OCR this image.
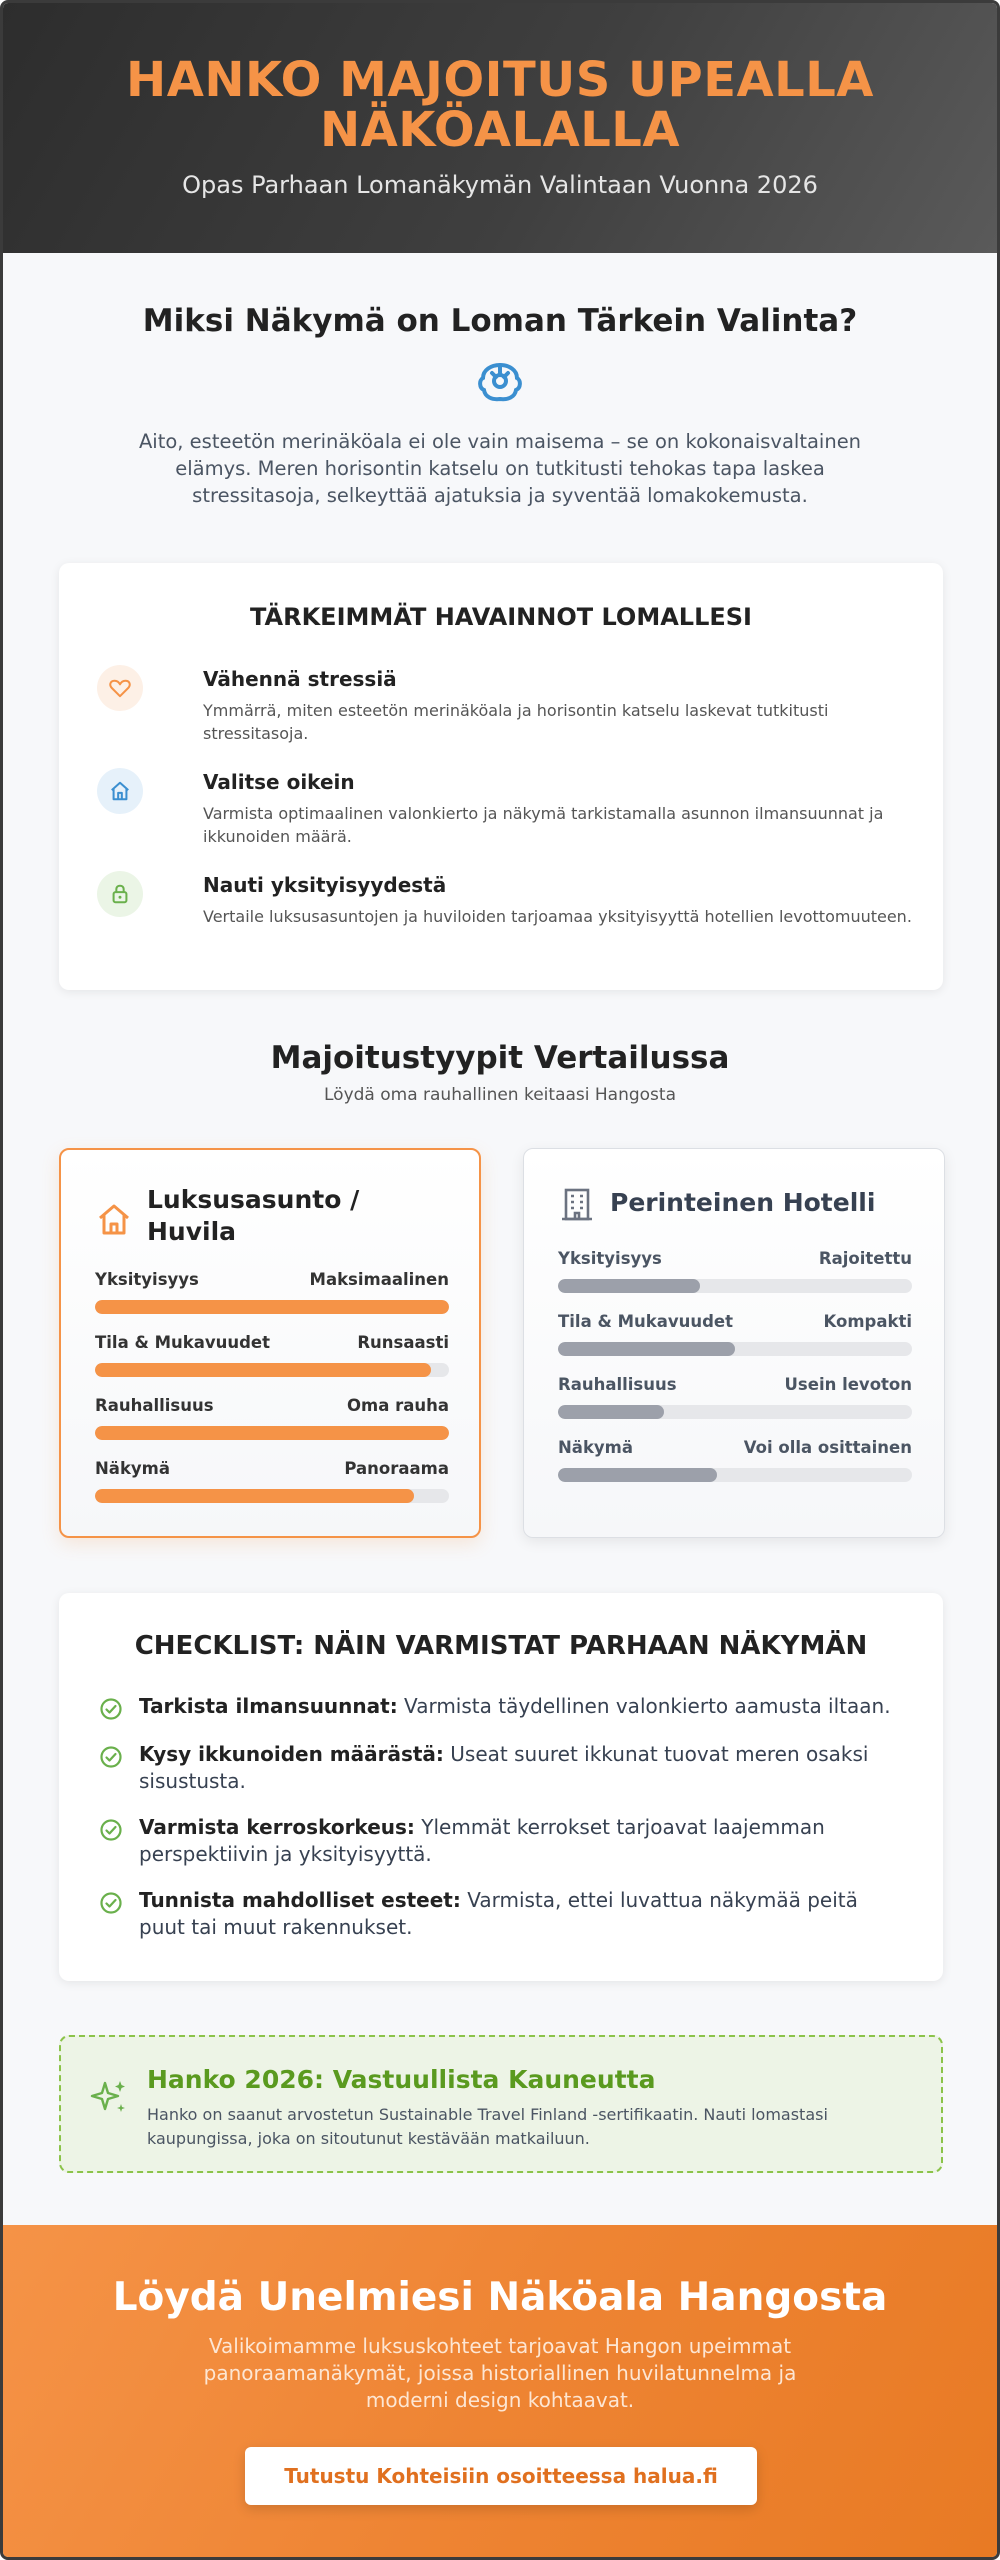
HANKO MAJOITUS UPEALLA NÄKÖALALLA
Opas Parhaan Lomanäkymän Valintaan Vuonna 2026
Miksi Näkymä on Loman Tärkein Valinta?
Aito, esteetön merinäköala ei ole vain maisema – se on kokonaisvaltainen elämys. Meren horisontin katselu on tutkitusti tehokas tapa laskea stressitasoja, selkeyttää ajatuksia ja syventää lomakokemusta.
TÄRKEIMMÄT HAVAINNOT LOMALLESI
Vähennä stressiä
Ymmärrä, miten esteetön merinäköala ja horisontin katselu laskevat tutkitusti stressitasoja.
Valitse oikein
Varmista optimaalinen valonkierto ja näkymä tarkistamalla asunnon ilmansuunnat ja ikkunoiden määrä.
Nauti yksityisyydestä
Vertaile luksusasuntojen ja huviloiden tarjoamaa yksityisyyttä hotellien levottomuuteen.
Majoitustyypit Vertailussa
Löydä oma rauhallinen keitaasi Hangosta
Luksusasunto / Huvila
Yksityisyys	Maksimaalinen
Tila & Mukavuudet	Runsaasti
Rauhallisuus	Oma rauha
Näkymä	Panoraama
Perinteinen Hotelli
Yksityisyys	Rajoitettu
Tila & Mukavuudet	Kompakti
Rauhallisuus	Usein levoton
Näkymä	Voi olla osittainen
CHECKLIST: NÄIN VARMISTAT PARHAAN NÄKYMÄN
Tarkista ilmansuunnat: Varmista täydellinen valonkierto aamusta iltaan.
Kysy ikkunoiden määrästä: Useat suuret ikkunat tuovat meren osaksi sisustusta.
Varmista kerroskorkeus: Ylemmät kerrokset tarjoavat laajemman perspektiivin ja yksityisyyttä.
Tunnista mahdolliset esteet: Varmista, ettei luvattua näkymää peitä puut tai muut rakennukset.
Hanko 2026: Vastuullista Kauneutta
Hanko on saanut arvostetun Sustainable Travel Finland -sertifikaatin. Nauti lomastasi kaupungissa, joka on sitoutunut kestävään matkailuun.
Löydä Unelmiesi Näköala Hangosta
Valikoimamme luksuskohteet tarjoavat Hangon upeimmat panoraamanäkymät, joissa historiallinen huvilatunnelma ja moderni design kohtaavat.
Tutustu Kohteisiin osoitteessa halua.fi
